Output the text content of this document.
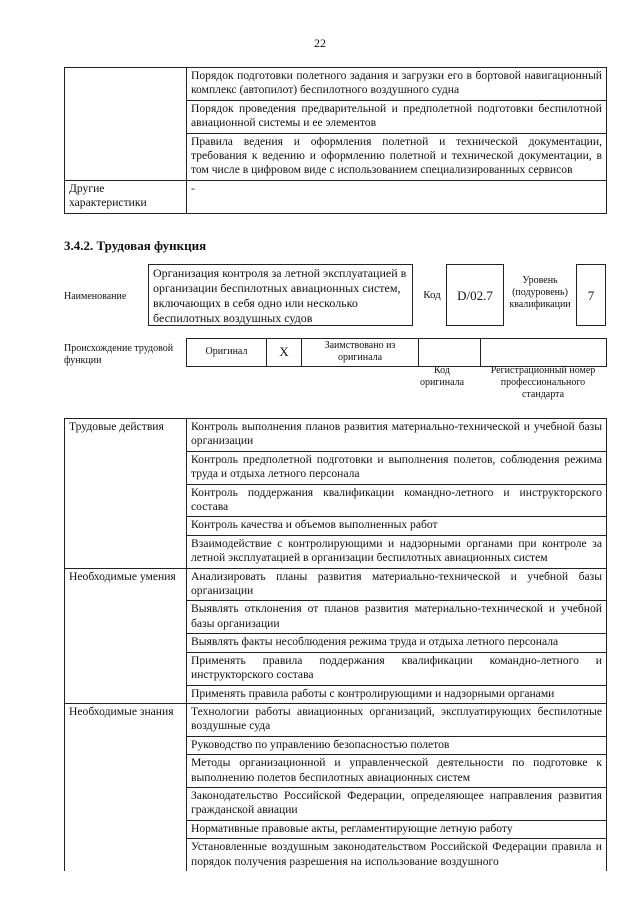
22
	Порядок подготовки полетного задания и загрузки его в бортовой навигационный комплекс (автопилот) беспилотного воздушного судна
	Порядок проведения предварительной и предполетной подготовки беспилотной авиационной системы и ее элементов
	Правила ведения и оформления полетной и технической документации, требования к ведению и оформлению полетной и технической документации, в том числе в цифровом виде с использованием специализированных сервисов
Другие характеристики	-
3.4.2. Трудовая функция
Наименование
Организация контроля за летной эксплуатацией в организации беспилотных авиационных систем, включающих в себя одно или несколько беспилотных воздушных судов
Код	D/02.7
Уровень (подуровень) квалификации
7
Происхождение трудовой функции
Оригинал	X	Заимствовано из оригинала		
Код оригинала
Регистрационный номер профессионального стандарта
Трудовые действия	Контроль выполнения планов развития материально-технической и учебной базы организации
	Контроль предполетной подготовки и выполнения полетов, соблюдения режима труда и отдыха летного персонала
	Контроль поддержания квалификации командно-летного и инструкторского состава
	Контроль качества и объемов выполненных работ
	Взаимодействие с контролирующими и надзорными органами при контроле за летной эксплуатацией в организации беспилотных авиационных систем
Необходимые умения	Анализировать планы развития материально-технической и учебной базы организации
	Выявлять отклонения от планов развития материально-технической и учебной базы организации
	Выявлять факты несоблюдения режима труда и отдыха летного персонала
	Применять правила поддержания квалификации командно-летного и инструкторского состава
	Применять правила работы с контролирующими и надзорными органами
Необходимые знания	Технологии работы авиационных организаций, эксплуатирующих беспилотные воздушные суда
	Руководство по управлению безопасностью полетов
	Методы организационной и управленческой деятельности по подготовке к выполнению полетов беспилотных авиационных систем
	Законодательство Российской Федерации, определяющее направления развития гражданской авиации
	Нормативные правовые акты, регламентирующие летную работу
	Установленные воздушным законодательством Российской Федерации правила и порядок получения разрешения на использование воздушного
